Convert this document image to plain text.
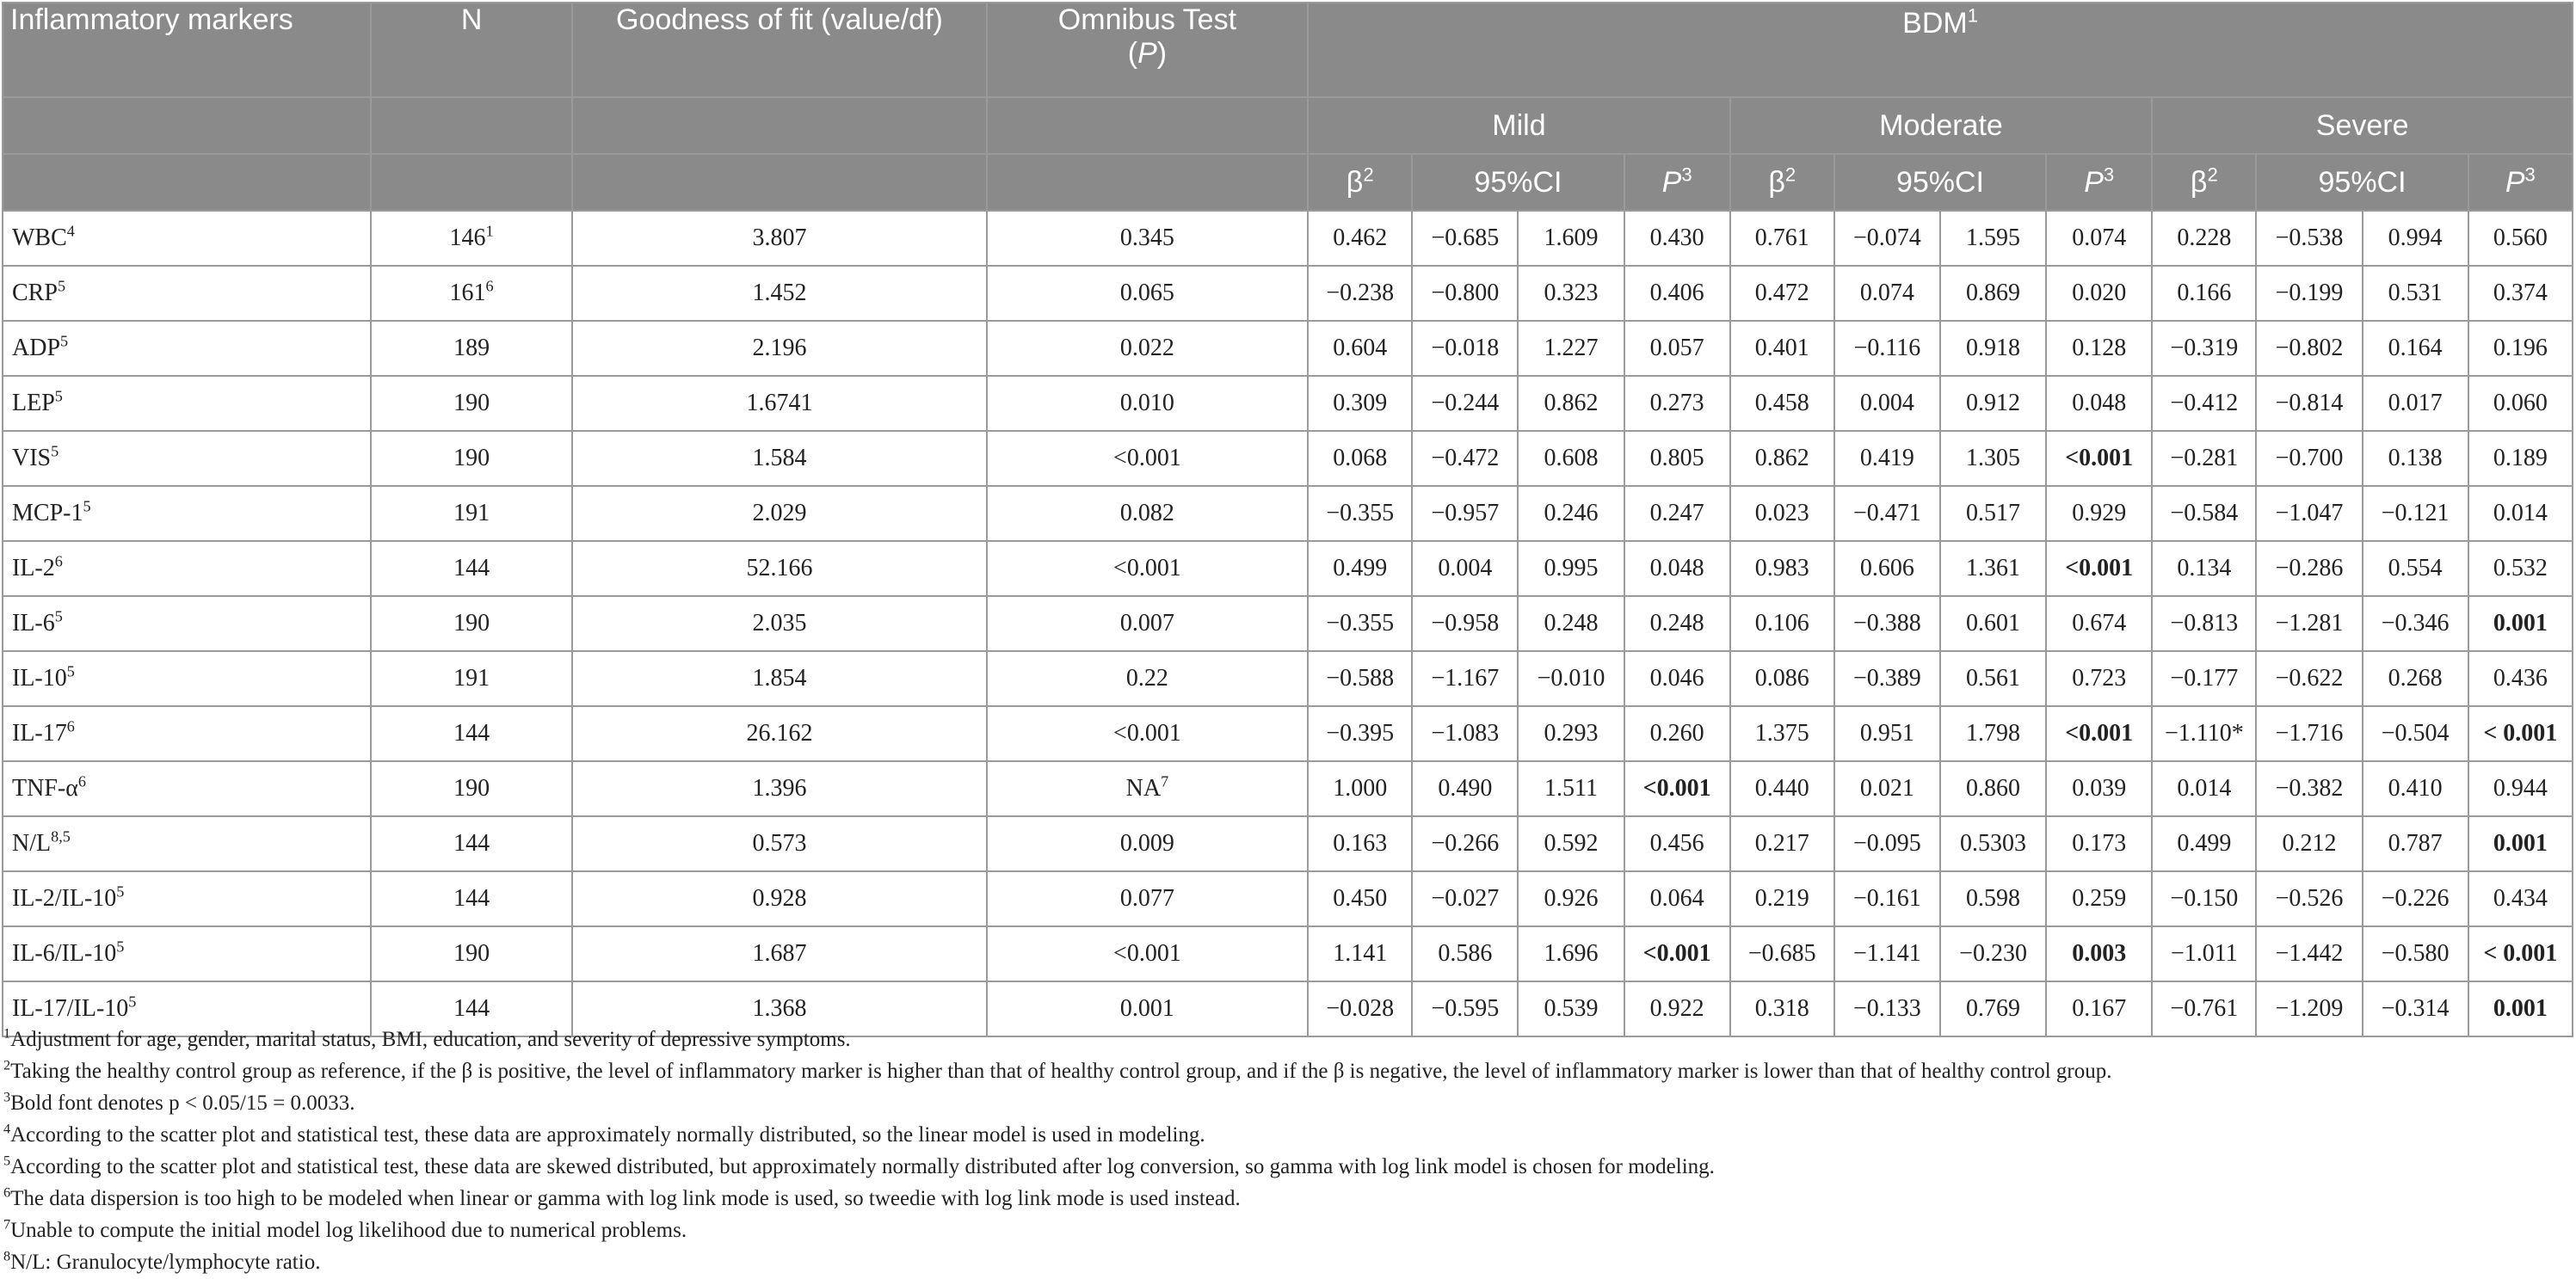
Inflammatory markers	N	Goodness of fit (value/df)	Omnibus Test
(P)	BDM$^1$
				Mild				Moderate				Severe			
				$\beta^2$	95%CI		$P^3$	$\beta^2$	95%CI		$P^3$	$\beta^2$	95%CI		$P^3$
WBC$^4$	$146^1$	3.807	0.345	0.462	−0.685	1.609	0.430	0.761	−0.074	1.595	0.074	0.228	−0.538	0.994	0.560
CRP$^5$	$161^6$	1.452	0.065	−0.238	−0.800	0.323	0.406	0.472	0.074	0.869	0.020	0.166	−0.199	0.531	0.374
ADP$^5$	189	2.196	0.022	0.604	−0.018	1.227	0.057	0.401	−0.116	0.918	0.128	−0.319	−0.802	0.164	0.196
LEP$^5$	190	1.6741	0.010	0.309	−0.244	0.862	0.273	0.458	0.004	0.912	0.048	−0.412	−0.814	0.017	0.060
VIS$^5$	190	1.584	<0.001	0.068	−0.472	0.608	0.805	0.862	0.419	1.305	<0.001	−0.281	−0.700	0.138	0.189
MCP-$1^5$	191	2.029	0.082	−0.355	−0.957	0.246	0.247	0.023	−0.471	0.517	0.929	−0.584	−1.047	−0.121	0.014
$IL-2^6$	144	52.166	<0.001	0.499	0.004	0.995	0.048	0.983	0.606	1.361	<0.001	0.134	−0.286	0.554	0.532
$IL-6^5$	190	2.035	0.007	−0.355	−0.958	0.248	0.248	0.106	−0.388	0.601	0.674	−0.813	−1.281	−0.346	0.001
$IL-10^5$	191	1.854	0.22	−0.588	−1.167	−0.010	0.046	0.086	−0.389	0.561	0.723	−0.177	−0.622	0.268	0.436
$IL-17^6$	144	26.162	<0.001	−0.395	−1.083	0.293	0.260	1.375	0.951	1.798	<0.001	−1.110*	−1.716	−0.504	< 0.001
TNF-$\alpha^6$	190	1.396	$NA^7$	1.000	0.490	1.511	<0.001	0.440	0.021	0.860	0.039	0.014	−0.382	0.410	0.944
$N/L^{8,5}$	144	0.573	0.009	0.163	−0.266	0.592	0.456	0.217	−0.095	0.5303	0.173	0.499	0.212	0.787	0.001
$IL-2/IL-10^5$	144	0.928	0.077	0.450	−0.027	0.926	0.064	0.219	−0.161	0.598	0.259	−0.150	−0.526	−0.226	0.434
$IL-6/IL-10^5$	190	1.687	<0.001	1.141	0.586	1.696	<0.001	−0.685	−1.141	−0.230	0.003	−1.011	−1.442	−0.580	< 0.001
$IL-17/IL-10^5$	144	1.368	0.001	−0.028	−0.595	0.539	0.922	0.318	−0.133	0.769	0.167	−0.761	−1.209	−0.314	0.001
$^1$Adjustment for age, gender, marital status, BMI, education, and severity of depressive symptoms.
$^2$Taking the healthy control group as reference, if the β is positive, the level of inflammatory marker is higher than that of healthy control group, and if the β is negative, the level of inflammatory marker is lower than that of healthy control group.
$^3$Bold font denotes p < 0.05/15 = 0.0033.
$^4$According to the scatter plot and statistical test, these data are approximately normally distributed, so the linear model is used in modeling.
$^5$According to the scatter plot and statistical test, these data are skewed distributed, but approximately normally distributed after log conversion, so gamma with log link model is chosen for modeling.
$^6$The data dispersion is too high to be modeled when linear or gamma with log link mode is used, so tweedie with log link mode is used instead.
$^7$Unable to compute the initial model log likelihood due to numerical problems.
$^8$N/L: Granulocyte/lymphocyte ratio.
